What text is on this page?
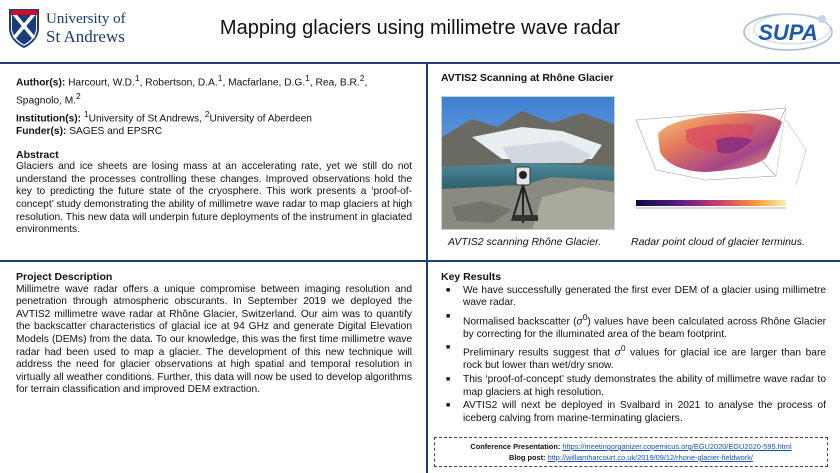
University of
St Andrews	Mapping glaciers using millimetre wave radar	SUPA
Author(s): Harcourt, W.D.$^1$, Robertson, D.A.$^1$, Macfarlane, D.G.$^1$, Rea, B.R.$^2$,
Spagnolo, M.$^2$
Institution(s): $^1$University of St Andrews, $^2$University of Aberdeen
Funder(s): SAGES and EPSRC
Abstract
Glaciers and ice sheets are losing mass at an accelerating rate, yet we still do not understand the processes controlling these changes. Improved observations hold the key to predicting the future state of the cryosphere. This work presents a ‘proof-of-concept’ study demonstrating the ability of millimetre wave radar to map glaciers at high resolution. This new data will underpin future deployments of the instrument in glaciated environments.
AVTIS2 Scanning at Rhône Glacier
AVTIS2 scanning Rhône Glacier.	Radar point cloud of glacier terminus.
Project Description
Millimetre wave radar offers a unique compromise between imaging resolution and penetration through atmospheric obscurants. In September 2019 we deployed the AVTIS2 millimetre wave radar at Rhône Glacier, Switzerland. Our aim was to quantify the backscatter characteristics of glacial ice at 94 GHz and generate Digital Elevation Models (DEMs) from the data. To our knowledge, this was the first time millimetre wave radar had been used to map a glacier. The development of this new technique will address the need for glacier observations at high spatial and temporal resolution in virtually all weather conditions. Further, this data will now be used to develop algorithms for terrain classification and improved DEM extraction.
Key Results
■ We have successfully generated the first ever DEM of a glacier using millimetre wave radar.
■ Normalised backscatter $(\sigma^0)$ values have been calculated across Rhône Glacier by correcting for the illuminated area of the beam footprint.
■ Preliminary results suggest that $\sigma^0$ values for glacial ice are larger than bare rock but lower than wet/dry snow.
■ This ‘proof-of-concept’ study demonstrates the ability of millimetre wave radar to map glaciers at high resolution.
■ AVTIS2 will next be deployed in Svalbard in 2021 to analyse the process of iceberg calving from marine-terminating glaciers.
Conference Presentation: https://meetingorganizer.copernicus.org/EGU2020/EGU2020-595.html
Blog post: http://williamharcourt.co.uk/2019/09/12/rhone-glacier-fieldwork/
